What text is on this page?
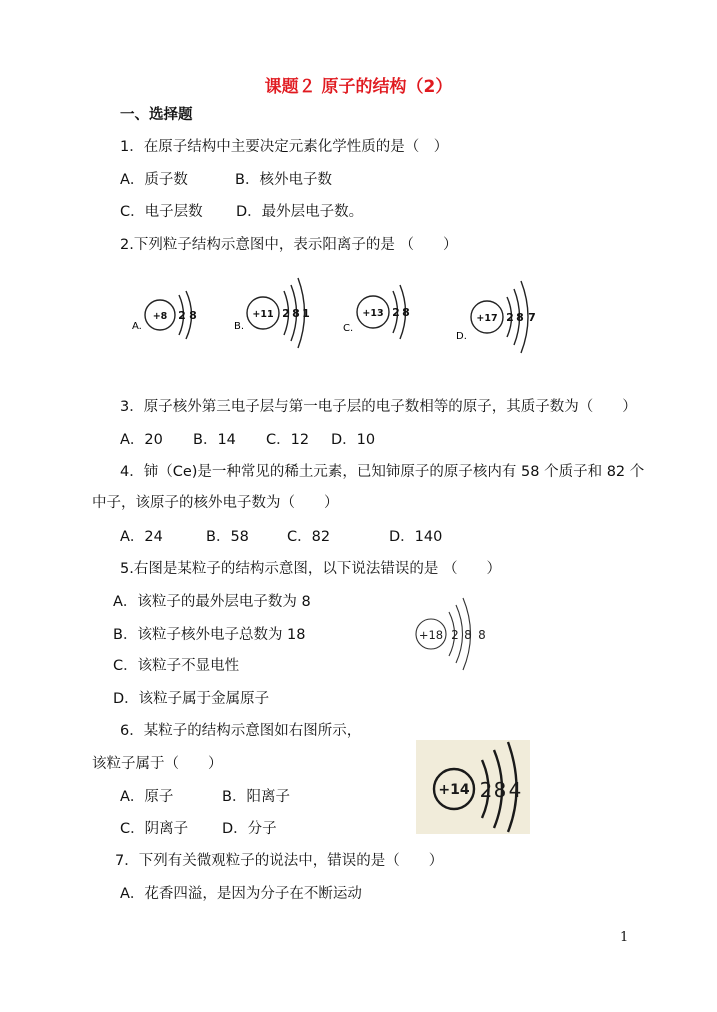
课题２ 原子的结构（2）
一、选择题
1．在原子结构中主要决定元素化学性质的是（　）
A．质子数	B．核外电子数
C．电子层数 D．最外层电子数。
2.下列粒子结构示意图中，表示阳离子的是 （　　）
+8	+11	+13	+17
2 8	2 8 1	2 8	2 8 7
A.	B.	C.
D.
3．原子核外第三电子层与第一电子层的电子数相等的原子，其质子数为（　　）
A．20 B．14 C．12 D．10
4．铈（Ce)是一种常见的稀土元素，已知铈原子的原子核内有 58 个质子和 82 个
中子，该原子的核外电子数为（　　）
A．24	B．58	C．82	D．140
5.右图是某粒子的结构示意图，以下说法错误的是 （　　）
A．该粒子的最外层电子数为 8
B．该粒子核外电子总数为 18
C．该粒子不显电性
D．该粒子属于金属原子
+18 2 8 8
6．某粒子的结构示意图如右图所示，
该粒子属于（　　）
A．原子	B．阳离子
C．阴离子 D．分子
+14 2 8 4
7．下列有关微观粒子的说法中，错误的是（　　）
A．花香四溢，是因为分子在不断运动
1
